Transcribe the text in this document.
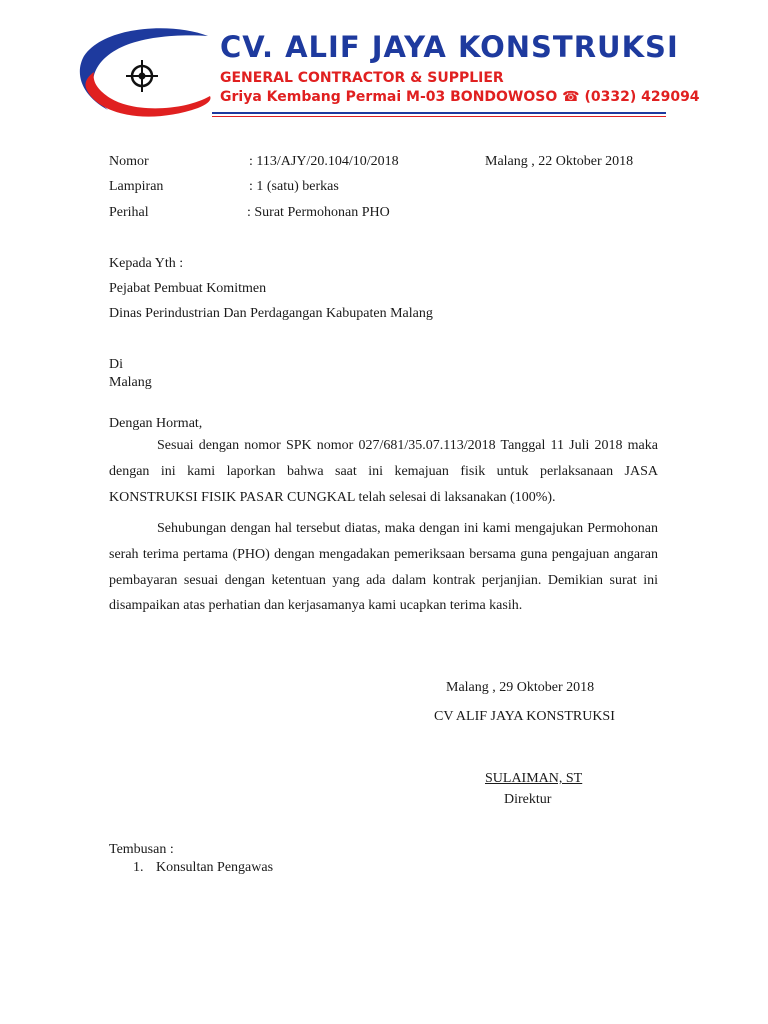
CV. ALIF JAYA KONSTRUKSI
GENERAL CONTRACTOR & SUPPLIER
Griya Kembang Permai M-03 BONDOWOSO ☎ (0332) 429094
Nomor	: 113/AJY/20.104/10/2018	Malang , 22 Oktober 2018
Lampiran	: 1 (satu) berkas
Perihal	: Surat Permohonan PHO
Kepada Yth :
Pejabat Pembuat Komitmen
Dinas Perindustrian Dan Perdagangan Kabupaten Malang
Di
Malang
Dengan Hormat,
Sesuai dengan nomor SPK nomor 027/681/35.07.113/2018 Tanggal 11 Juli 2018 maka dengan ini kami laporkan bahwa saat ini kemajuan fisik untuk perlaksanaan JASA KONSTRUKSI FISIK PASAR CUNGKAL telah selesai di laksanakan (100%).
Sehubungan dengan hal tersebut diatas, maka dengan ini kami mengajukan Permohonan serah terima pertama (PHO) dengan mengadakan pemeriksaan bersama guna pengajuan angaran pembayaran sesuai dengan ketentuan yang ada dalam kontrak perjanjian. Demikian surat ini disampaikan atas perhatian dan kerjasamanya kami ucapkan terima kasih.
Malang , 29 Oktober 2018
CV ALIF JAYA KONSTRUKSI
SULAIMAN, ST
Direktur
Tembusan :
1. Konsultan Pengawas
